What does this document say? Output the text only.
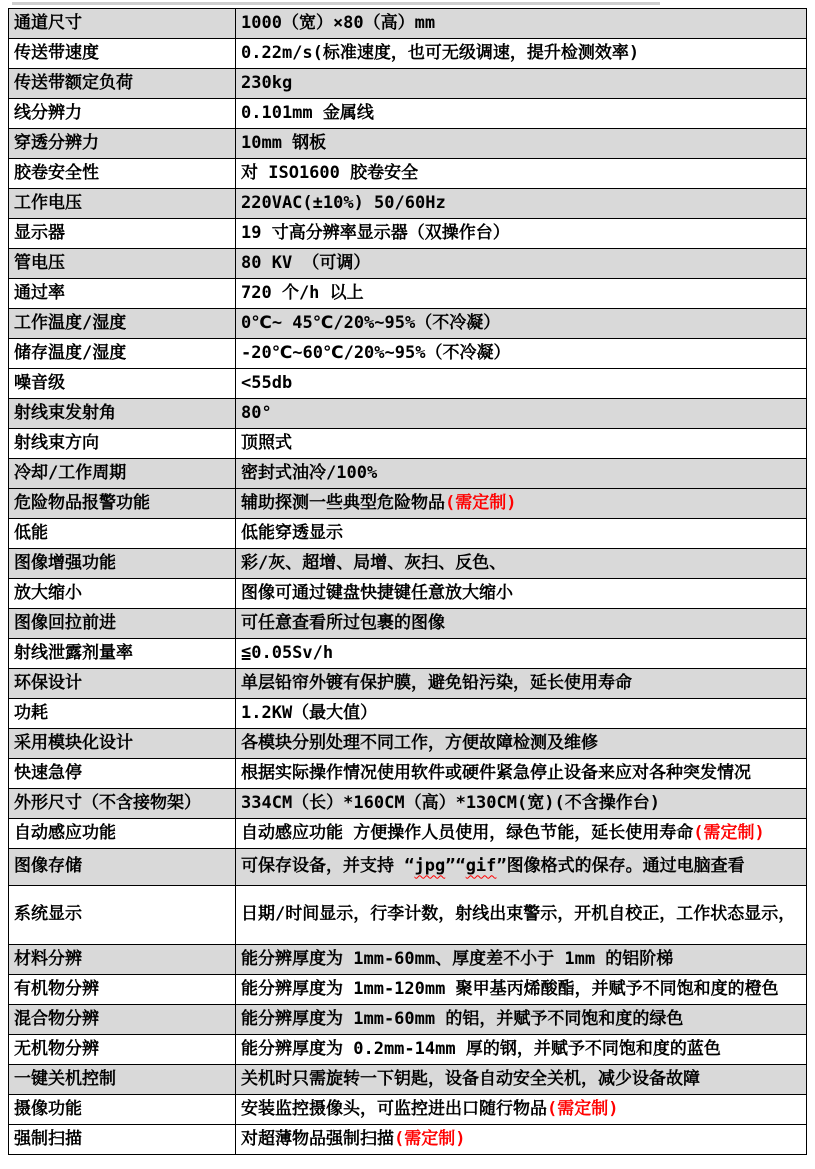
通道尺寸	1000（宽）×80（高）mm
传送带速度	0.22m/s(标准速度，也可无级调速，提升检测效率)
传送带额定负荷	230kg
线分辨力	0.101mm 金属线
穿透分辨力	10mm 钢板
胶卷安全性	对 ISO1600 胶卷安全
工作电压	220VAC(±10%) 50/60Hz
显示器	19 寸高分辨率显示器（双操作台）
管电压	80 KV （可调）
通过率	720 个/h 以上
工作温度/湿度	0℃~ 45℃/20%~95%（不冷凝）
储存温度/湿度	-20℃~60℃/20%~95%（不冷凝）
噪音级	<55db
射线束发射角	80°
射线束方向	顶照式
冷却/工作周期	密封式油冷/100%
危险物品报警功能	辅助探测一些典型危险物品(需定制)
低能	低能穿透显示
图像增强功能	彩/灰、超增、局增、灰扫、反色、
放大缩小	图像可通过键盘快捷键任意放大缩小
图像回拉前进	可任意查看所过包裹的图像
射线泄露剂量率	≦0.05Sv/h
环保设计	单层铅帘外镀有保护膜，避免铅污染，延长使用寿命
功耗	1.2KW（最大值）
采用模块化设计	各模块分别处理不同工作，方便故障检测及维修
快速急停	根据实际操作情况使用软件或硬件紧急停止设备来应对各种突发情况
外形尺寸（不含接物架）	334CM（长）*160CM（高）*130CM(宽)(不含操作台)
自动感应功能	自动感应功能 方便操作人员使用，绿色节能，延长使用寿命(需定制)
图像存储	可保存设备，并支持 “jpg”“gif”图像格式的保存。通过电脑查看
系统显示	日期/时间显示，行李计数，射线出束警示，开机自校正，工作状态显示，
材料分辨	能分辨厚度为 1mm-60mm、厚度差不小于 1mm 的铝阶梯
有机物分辨	能分辨厚度为 1mm-120mm 聚甲基丙烯酸酯，并赋予不同饱和度的橙色
混合物分辨	能分辨厚度为 1mm-60mm 的铝，并赋予不同饱和度的绿色
无机物分辨	能分辨厚度为 0.2mm-14mm 厚的钢，并赋予不同饱和度的蓝色
一键关机控制	关机时只需旋转一下钥匙，设备自动安全关机，减少设备故障
摄像功能	安装监控摄像头，可监控进出口随行物品(需定制)
强制扫描	对超薄物品强制扫描(需定制)
